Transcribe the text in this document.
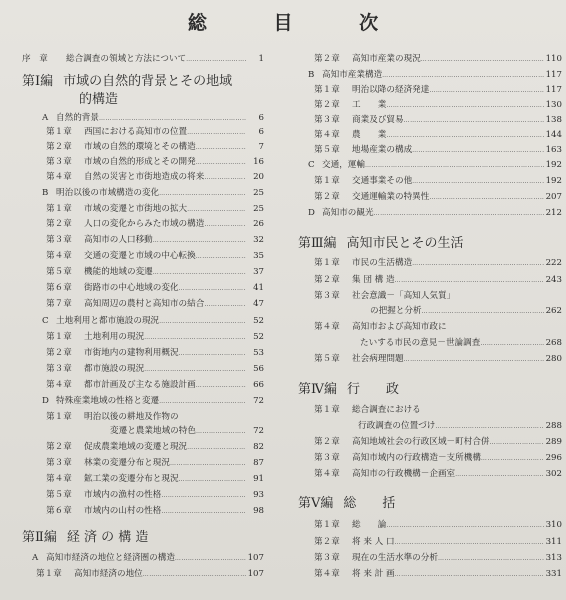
総 目 次
序　章	総合調査の領域と方法について …………………………………………………………………………………………………………………………………………	1
第Ⅰ編 市域の自然的背景とその地域
的構造
A 自然的背景 …………………………………………………………………………………………………………………………………………	6
第１章	西国における高知市の位置 …………………………………………………………………………………………………………………………………………	6
第２章	市域の自然的環境とその構造 …………………………………………………………………………………………………………………………………………	7
第３章	市域の自然的形成とその開発 …………………………………………………………………………………………………………………………………………	16
第４章	自然の災害と市街地造成の将来 …………………………………………………………………………………………………………………………………………	20
B 明治以後の市域構造の変化 …………………………………………………………………………………………………………………………………………	25
第１章	市域の変遷と市街地の拡大 …………………………………………………………………………………………………………………………………………	25
第２章	人口の変化からみた市域の構造 …………………………………………………………………………………………………………………………………………	26
第３章	高知市の人口移動 …………………………………………………………………………………………………………………………………………	32
第４章	交通の変遷と市域の中心転換 …………………………………………………………………………………………………………………………………………	35
第５章	機能的地域の変遷 …………………………………………………………………………………………………………………………………………	37
第６章	街路市の中心地域の変化 …………………………………………………………………………………………………………………………………………	41
第７章	高知周辺の農村と高知市の結合 …………………………………………………………………………………………………………………………………………	47
C 土地利用と都市施設の現況 …………………………………………………………………………………………………………………………………………	52
第１章	土地利用の現況 …………………………………………………………………………………………………………………………………………	52
第２章	市街地内の建物利用概況 …………………………………………………………………………………………………………………………………………	53
第３章	都市施設の現況 …………………………………………………………………………………………………………………………………………	56
第４章	都市計画及び主なる施設計画 …………………………………………………………………………………………………………………………………………	66
D 特殊産業地域の性格と変遷 …………………………………………………………………………………………………………………………………………	72
第１章	明治以後の耕地及作物の
変遷と農業地域の特色 …………………………………………………………………………………………………………………………………………	72
第２章	促成農業地域の変遷と現況 …………………………………………………………………………………………………………………………………………	82
第３章	林業の変遷分布と現況 …………………………………………………………………………………………………………………………………………	87
第４章	鉱工業の変遷分布と現況 …………………………………………………………………………………………………………………………………………	91
第５章	市域内の漁村の性格 …………………………………………………………………………………………………………………………………………	93
第６章	市域内の山村の性格 …………………………………………………………………………………………………………………………………………	98
第Ⅱ編 経 済 の 構 造
A 高知市経済の地位と経済圏の構造 …………………………………………………………………………………………………………………………………………	107
第１章	高知市経済の地位 …………………………………………………………………………………………………………………………………………	107
第２章	高知市産業の現況 …………………………………………………………………………………………………………………………………………	110
B 高知市産業構造 …………………………………………………………………………………………………………………………………………	117
第１章	明治以降の経済発達 …………………………………………………………………………………………………………………………………………	117
第２章	工　　業 …………………………………………………………………………………………………………………………………………	130
第３章	商業及び貿易 …………………………………………………………………………………………………………………………………………	138
第４章	農　　業 …………………………………………………………………………………………………………………………………………	144
第５章	地場産業の構成 …………………………………………………………………………………………………………………………………………	163
C 交通，運輸 …………………………………………………………………………………………………………………………………………	192
第１章	交通事業その他 …………………………………………………………………………………………………………………………………………	192
第２章	交通運輸業の特異性 …………………………………………………………………………………………………………………………………………	207
D 高知市の観光 …………………………………………………………………………………………………………………………………………	212
第Ⅲ編 高知市民とその生活
第１章	市民の生活構造 …………………………………………………………………………………………………………………………………………	222
第２章	集 団 構 造 …………………………………………………………………………………………………………………………………………	243
第３章	社会意識－「高知人気質」
の把握と分析 …………………………………………………………………………………………………………………………………………	262
第４章	高知市および高知市政に
たいする市民の意見－世論調査 …………………………………………………………………………………………………………………………………………	268
第５章	社会病理問題 …………………………………………………………………………………………………………………………………………	280
第Ⅳ編 行　　政
第１章	総合調査における
行政調査の位置づけ …………………………………………………………………………………………………………………………………………	288
第２章	高知地域社会の行政区域－町村合併 …………………………………………………………………………………………………………………………………………	289
第３章	高知市域内の行政構造－支所機構 …………………………………………………………………………………………………………………………………………	296
第４章	高知市の行政機構－企画室 …………………………………………………………………………………………………………………………………………	302
第Ⅴ編 総　　括
第１章	総　　論 …………………………………………………………………………………………………………………………………………	310
第２章	将 来 人 口 …………………………………………………………………………………………………………………………………………	311
第３章	現在の生活水準の分析 …………………………………………………………………………………………………………………………………………	313
第４章	将 来 計 画 …………………………………………………………………………………………………………………………………………	331
